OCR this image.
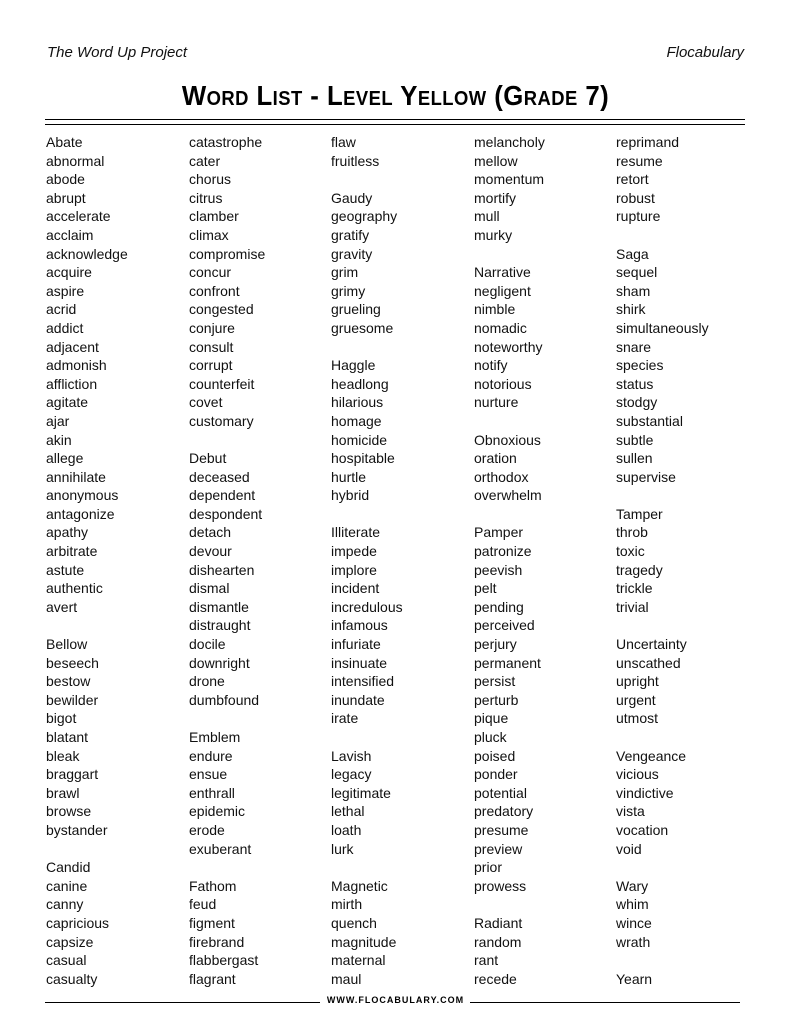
The Word Up Project	Flocabulary
Word List - Level Yellow (Grade 7)
Abate
abnormal
abode
abrupt
accelerate
acclaim
acknowledge
acquire
aspire
acrid
addict
adjacent
admonish
affliction
agitate
ajar
akin
allege
annihilate
anonymous
antagonize
apathy
arbitrate
astute
authentic
avert
Bellow
beseech
bestow
bewilder
bigot
blatant
bleak
braggart
brawl
browse
bystander
Candid
canine
canny
capricious
capsize
casual
casualty
catastrophe
cater
chorus
citrus
clamber
climax
compromise
concur
confront
congested
conjure
consult
corrupt
counterfeit
covet
customary
Debut
deceased
dependent
despondent
detach
devour
dishearten
dismal
dismantle
distraught
docile
downright
drone
dumbfound
Emblem
endure
ensue
enthrall
epidemic
erode
exuberant
Fathom
feud
figment
firebrand
flabbergast
flagrant
flaw
fruitless
Gaudy
geography
gratify
gravity
grim
grimy
grueling
gruesome
Haggle
headlong
hilarious
homage
homicide
hospitable
hurtle
hybrid
Illiterate
impede
implore
incident
incredulous
infamous
infuriate
insinuate
intensified
inundate
irate
Lavish
legacy
legitimate
lethal
loath
lurk
Magnetic
mirth
quench
magnitude
maternal
maul
melancholy
mellow
momentum
mortify
mull
murky
Narrative
negligent
nimble
nomadic
noteworthy
notify
notorious
nurture
Obnoxious
oration
orthodox
overwhelm
Pamper
patronize
peevish
pelt
pending
perceived
perjury
permanent
persist
perturb
pique
pluck
poised
ponder
potential
predatory
presume
preview
prior
prowess
Radiant
random
rant
recede
reprimand
resume
retort
robust
rupture
Saga
sequel
sham
shirk
simultaneously
snare
species
status
stodgy
substantial
subtle
sullen
supervise
Tamper
throb
toxic
tragedy
trickle
trivial
Uncertainty
unscathed
upright
urgent
utmost
Vengeance
vicious
vindictive
vista
vocation
void
Wary
whim
wince
wrath
Yearn
WWW.FLOCABULARY.COM
